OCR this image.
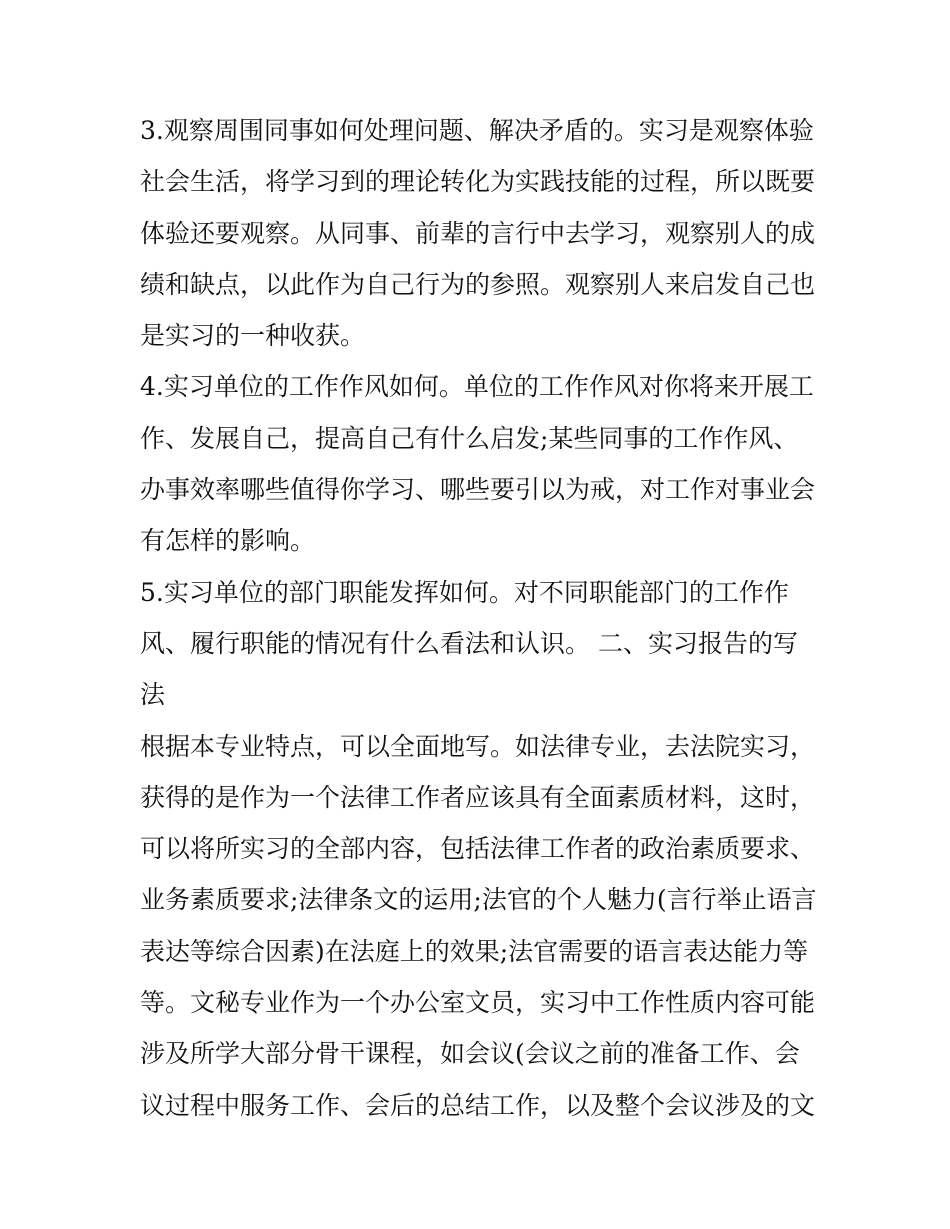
3.观察周围同事如何处理问题、解决矛盾的。实习是观察体验
社会生活，将学习到的理论转化为实践技能的过程，所以既要
体验还要观察。从同事、前辈的言行中去学习，观察别人的成
绩和缺点，以此作为自己行为的参照。观察别人来启发自己也
是实习的一种收获。
4.实习单位的工作作风如何。单位的工作作风对你将来开展工
作、发展自己，提高自己有什么启发;某些同事的工作作风、
办事效率哪些值得你学习、哪些要引以为戒，对工作对事业会
有怎样的影响。
5.实习单位的部门职能发挥如何。对不同职能部门的工作作
风、履行职能的情况有什么看法和认识。 二、实习报告的写
法
根据本专业特点，可以全面地写。如法律专业，去法院实习，
获得的是作为一个法律工作者应该具有全面素质材料，这时，
可以将所实习的全部内容，包括法律工作者的政治素质要求、
业务素质要求;法律条文的运用;法官的个人魅力(言行举止语言
表达等综合因素)在法庭上的效果;法官需要的语言表达能力等
等。文秘专业作为一个办公室文员，实习中工作性质内容可能
涉及所学大部分骨干课程，如会议(会议之前的准备工作、会
议过程中服务工作、会后的总结工作，以及整个会议涉及的文
